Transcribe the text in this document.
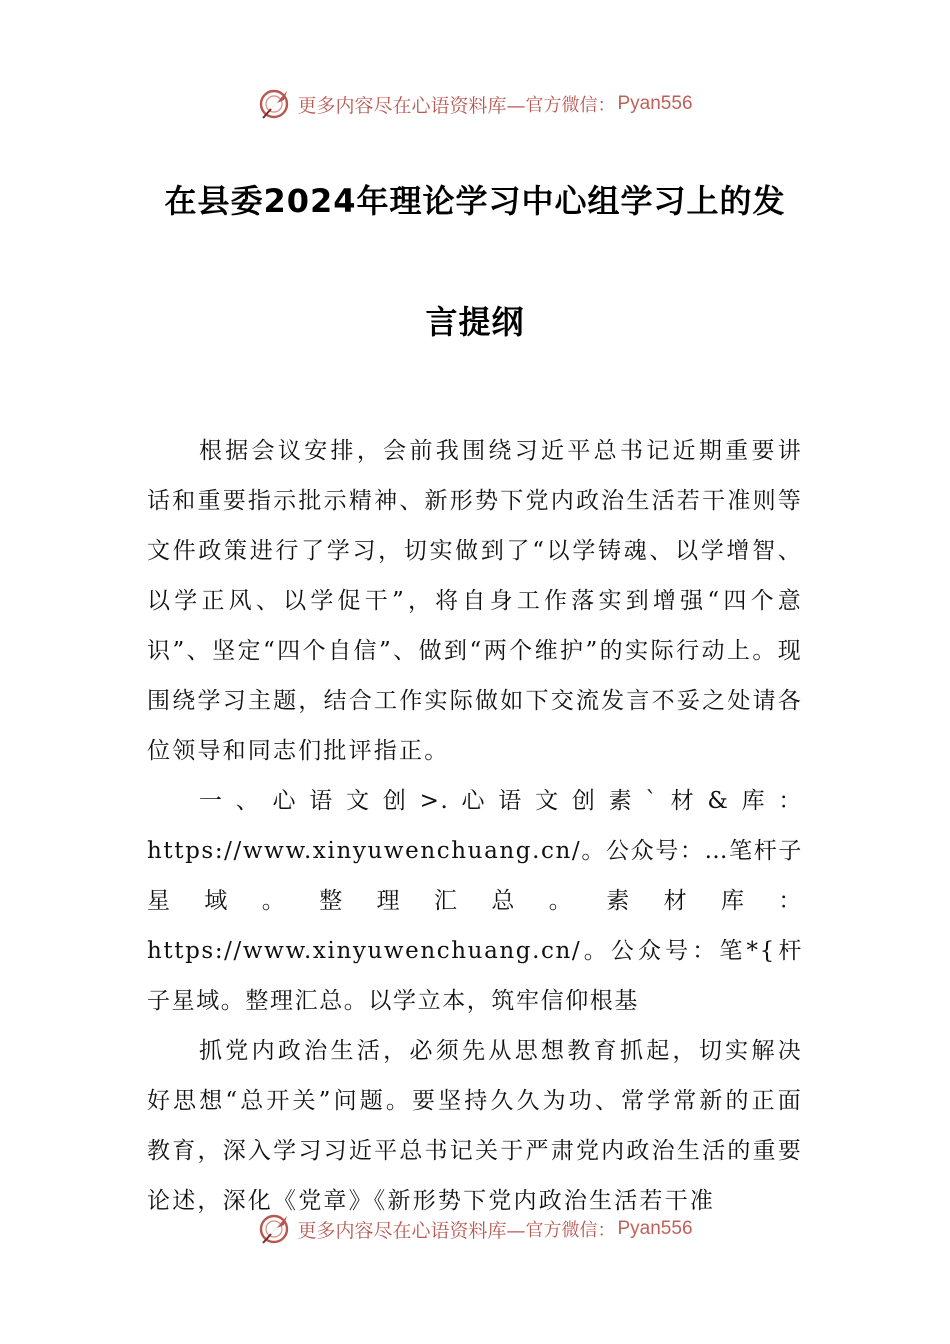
更多内容尽在心语资料库— 官方微信： Pyan556
在县委2024年理论学习中心组学习上的发
言提纲

根据会议安排，会前我围绕习近平总书记近期重要讲话和重要指示批示精神、新形势下党内政治生活若干准则等文件政策进行了学习，切实做到了“以学铸魂、以学增智、以学正风、以学促干”，将自身工作落实到增强“四个意识”、坚定“四个自信”、做到“两个维护”的实际行动上。现围绕学习主题，结合工作实际做如下交流发言不妥之处请各位领导和同志们批评指正。

一、心语文创>.心语文创素`材&库：https://www.xinyuwenchuang.cn/。公众号：…笔杆子星域。整理汇总。素材库：https://www.xinyuwenchuang.cn/。公众号：笔*{杆子星域。整理汇总。以学立本，筑牢信仰根基

抓党内政治生活，必须先从思想教育抓起，切实解决好思想“总开关”问题。要坚持久久为功、常学常新的正面教育，深入学习习近平总书记关于严肃党内政治生活的重要论述，深化《党章》《新形势下党内政治生活若干准

更多内容尽在心语资料库— 官方微信： Pyan556
